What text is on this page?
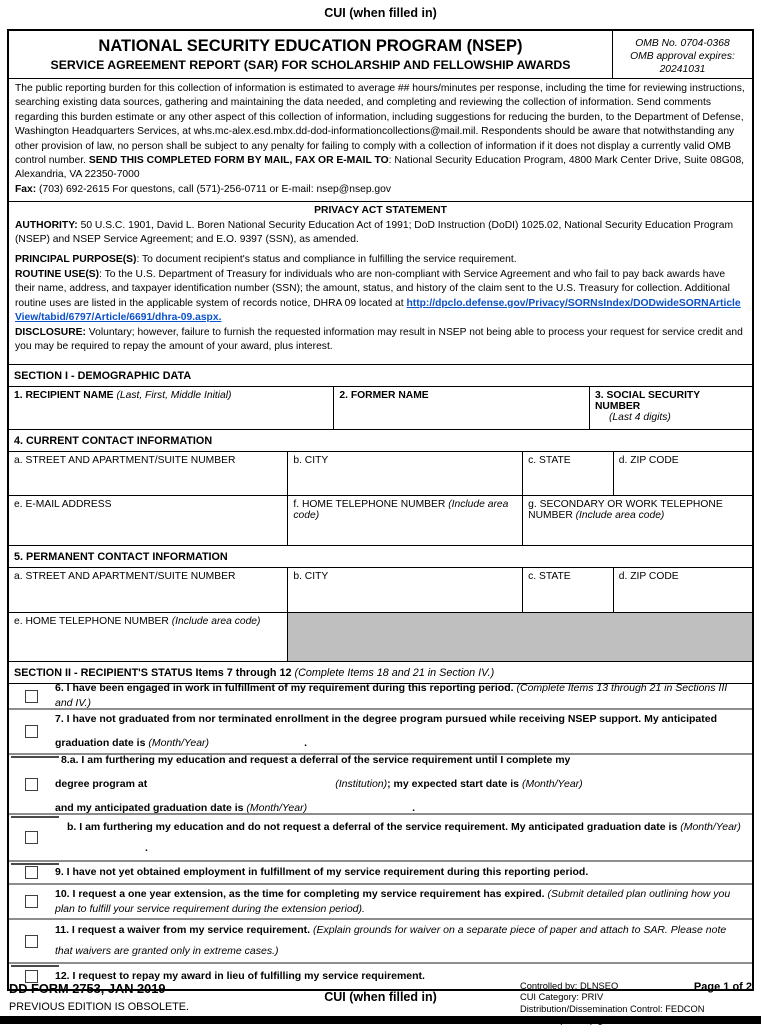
CUI (when filled in)
NATIONAL SECURITY EDUCATION PROGRAM (NSEP)
SERVICE AGREEMENT REPORT (SAR) FOR SCHOLARSHIP AND FELLOWSHIP AWARDS
OMB No. 0704-0368
OMB approval expires:
20241031
The public reporting burden for this collection of information is estimated to average ## hours/minutes per response, including the time for reviewing instructions, searching existing data sources, gathering and maintaining the data needed, and completing and reviewing the collection of information. Send comments regarding this burden estimate or any other aspect of this collection of information, including suggestions for reducing the burden, to the Department of Defense, Washington Headquarters Services, at whs.mc-alex.esd.mbx.dd-dod-informationcollections@mail.mil. Respondents should be aware that notwithstanding any other provision of law, no person shall be subject to any penalty for failing to comply with a collection of information if it does not display a currently valid OMB control number. SEND THIS COMPLETED FORM BY MAIL, FAX OR E-MAIL TO: National Security Education Program, 4800 Mark Center Drive, Suite 08G08, Alexandria, VA 22350-7000
Fax: (703) 692-2615 For questons, call (571)-256-0711 or E-mail: nsep@nsep.gov
PRIVACY ACT STATEMENT

AUTHORITY: 50 U.S.C. 1901, David L. Boren National Security Education Act of 1991; DoD Instruction (DoDI) 1025.02, National Security Education Program (NSEP) and NSEP Service Agreement; and E.O. 9397 (SSN), as amended.

PRINCIPAL PURPOSE(S): To document recipient's status and compliance in fulfilling the service requirement.

ROUTINE USE(S): To the U.S. Department of Treasury for individuals who are non-compliant with Service Agreement and who fail to pay back awards have their name, address, and taxpayer identification number (SSN); the amount, status, and history of the claim sent to the U.S. Treasury for collection. Additional routine uses are listed in the applicable system of records notice, DHRA 09 located at http://dpclo.defense.gov/Privacy/SORNsIndex/DODwideSORNArticleView/tabid/6797/Article/6691/dhra-09.aspx.

DISCLOSURE: Voluntary; however, failure to furnish the requested information may result in NSEP not being able to process your request for service credit and you may be required to repay the amount of your award, plus interest.

SECTION I - DEMOGRAPHIC DATA
1. RECIPIENT NAME (Last, First, Middle Initial)	2. FORMER NAME	3. SOCIAL SECURITY NUMBER
(Last 4 digits)
4. CURRENT CONTACT INFORMATION
a. STREET AND APARTMENT/SUITE NUMBER	b. CITY	c. STATE	d. ZIP CODE
e. E-MAIL ADDRESS	f. HOME TELEPHONE NUMBER (Include area code)
g. SECONDARY OR WORK TELEPHONE NUMBER (Include area code)
5. PERMANENT CONTACT INFORMATION
a. STREET AND APARTMENT/SUITE NUMBER	b. CITY	c. STATE	d. ZIP CODE
e. HOME TELEPHONE NUMBER (Include area code)
SECTION II - RECIPIENT'S STATUS Items 7 through 12 (Complete Items 18 and 21 in Section IV.)
6. I have been engaged in work in fulfillment of my requirement during this reporting period. (Complete Items 13 through 21 in Sections III and IV.)
7. I have not graduated from nor terminated enrollment in the degree program pursued while receiving NSEP support. My anticipated
graduation date is (Month/Year)	.
8.a. I am furthering my education and request a deferral of the service requirement until I complete my
degree program at	(Institution); my expected start date is (Month/Year)
and my anticipated graduation date is (Month/Year)	.
b. I am furthering my education and do not request a deferral of the service requirement. My anticipated graduation date is (Month/Year)
.
9. I have not yet obtained employment in fulfillment of my service requirement during this reporting period.
10. I request a one year extension, as the time for completing my service requirement has expired. (Submit detailed plan outlining how you plan to fulfill your service requirement during the extension period).
11. I request a waiver from my service requirement. (Explain grounds for waiver on a separate piece of paper and attach to SAR. Please note that waivers are granted only in extreme cases.)
12. I request to repay my award in lieu of fulfilling my service requirement.
DD FORM 2753, JAN 2019
PREVIOUS EDITION IS OBSOLETE.
CUI (when filled in)
Controlled by: DLNSEO
CUI Category: PRIV
Distribution/Dissemination Control: FEDCON
Page 1 of 2
